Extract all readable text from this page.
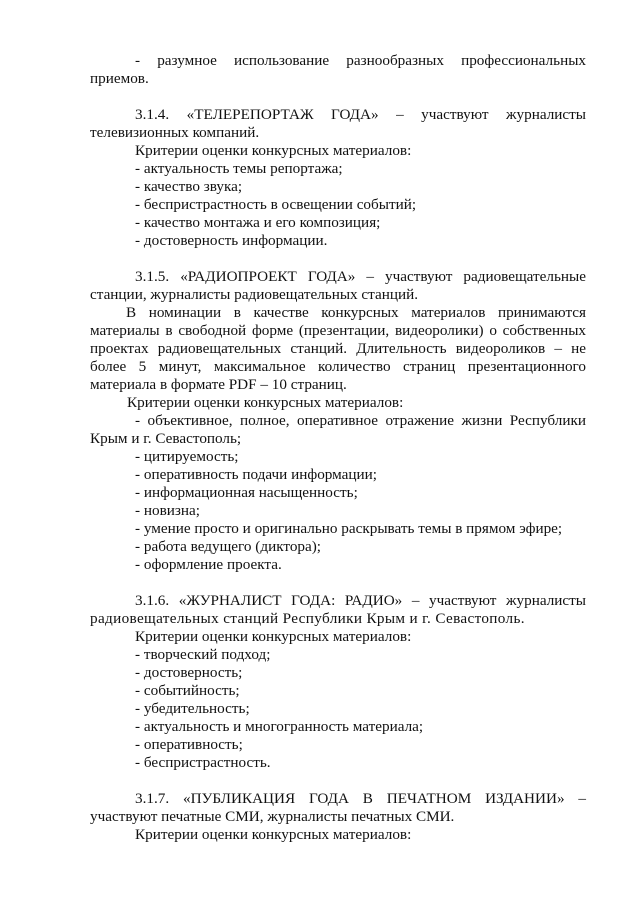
- разумное использование разнообразных профессиональных
приемов.
3.1.4. «ТЕЛЕРЕПОРТАЖ ГОДА» – участвуют журналисты
телевизионных компаний.
Критерии оценки конкурсных материалов:
- актуальность темы репортажа;
- качество звука;
- беспристрастность в освещении событий;
- качество монтажа и его композиция;
- достоверность информации.
3.1.5. «РАДИОПРОЕКТ ГОДА» – участвуют радиовещательные
станции, журналисты радиовещательных станций.
В номинации в качестве конкурсных материалов принимаются
материалы в свободной форме (презентации, видеоролики) о собственных
проектах радиовещательных станций. Длительность видеороликов – не
более 5 минут, максимальное количество страниц презентационного
материала в формате PDF – 10 страниц.
Критерии оценки конкурсных материалов:
- объективное, полное, оперативное отражение жизни Республики
Крым и г. Севастополь;
- цитируемость;
- оперативность подачи информации;
- информационная насыщенность;
- новизна;
- умение просто и оригинально раскрывать темы в прямом эфире;
- работа ведущего (диктора);
- оформление проекта.
3.1.6. «ЖУРНАЛИСТ ГОДА: РАДИО» – участвуют журналисты
радиовещательных станций Республики Крым и г. Севастополь.
Критерии оценки конкурсных материалов:
- творческий подход;
- достоверность;
- событийность;
- убедительность;
- актуальность и многогранность материала;
- оперативность;
- беспристрастность.
3.1.7. «ПУБЛИКАЦИЯ ГОДА В ПЕЧАТНОМ ИЗДАНИИ» –
участвуют печатные СМИ, журналисты печатных СМИ.
Критерии оценки конкурсных материалов:
